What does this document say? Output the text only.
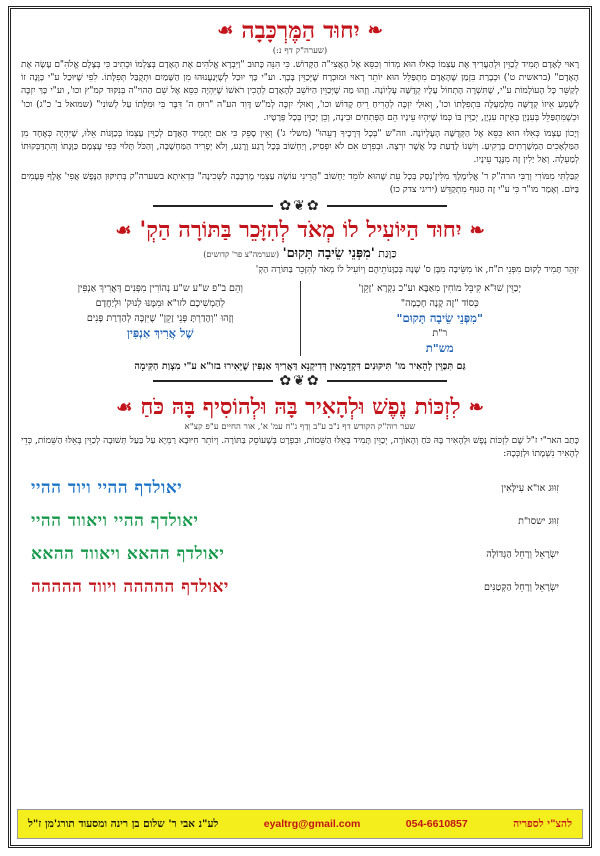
❧
יִחוּד הַמֶּרְכָּבָה
☙
(שערה"ק דף נ:)

רָאוּי לָאָדָם תָּמִיד לְכַוֵּין וּלְהַעֲרִיךְ אֶת עַצְמוֹ כְּאִלּוּ הוּא מְדוֹר וְכִסֵּא אֶל הָאֲצִי"ה הַקָּדוֹשׁ. כִּי הִנֵּה כָּתוּב "וַיִּבְרָא אֱלֹהִים אֶת הָאָדָם בְּצַלְמוֹ וּכְתִיב כִּי בְּצֶלֶם אֱלֹהִ"ם עָשָׂה אֶת הָאָדָם" (בראשית ט') וּכְבָרַת בִּזְמַן שֶׁהָאָדָם מִתְפַּלֵּל הוּא יוֹתֵר רָאוּי וּמוּכְרָח שֶׁיְּכַוֵּין בָּכָךְ. וע"י כָּךְ יוּכַל לְשֶׁיְּנַעֲנוּהוּ מִן הַשָּׁמַיִם וּתְקֻבַּל תְּפִלָּתוֹ. לִפִי שֶׁיּוּכַל ע"י כַּוָּנָה זוֹ לְקַשֵּׁר כָּל הָעוֹלָמוֹת ע"י, שֶׁתִּשְׁרֶה הָתְחוֹל עָלָיו קְדֻשָּׁה עֶלְיוֹנָה. וְזֶהוּ מַה שֶׁיְּכַוֵּין הַיּוֹשֵׁב לְהָאָדָם לְהָכִין רֹאשׁוֹ שֶׁיִּהְיֶה כִּסֵּא אֶל שֵׁם הַהוי"ה בְּנִקּוּד קמ"ץ וכו', וע"י כָּךְ יִזְכֶּה לְשָׁמְעַ אֵיזוֹ קְדֻשָּׁה מִלְּמַעְלָה בִּתְפִלָּתוֹ וכו', וְאוּלַי יִזְכֶּה לְהָרִיחַ רֵיחַ קָדוֹשׁ וכו', וְאוּלַי יִזְכֶּה לְמ"ש דָּוִד הע"ה "רוּחַ ה' דִּבֶּר בִּי וּמִלָּתוֹ עַל לְשׁוֹנִי" (שמואל ב' כ"ג) וכו' וּכְשֶׁמִּתְפַּלֵּל בְּעִנְיָן בְּאֵיזֶה עִנְיָן, יְכַוֵּין בּוֹ כְּמוֹ שֶׁיִּהְיוּ עֵינָיו הֵם הַפְּתִחִים וּבִינָה, וְכֵן יְכַוֵּין בְּכָל פְּרָטָיו.

וְיָכוֹן עַצְמוֹ כְּאִלּוּ הוּא כִּסֵּא אֶל הַקְּדֻשָּׁה הָעֶלְיוֹנָה. וזה"ש "בְּכָל דְּרָכֶיךָ דָעֵהוּ" (משלי ג') וְאֵין סָפֵק כִּי אִם יַתְמִיד הָאָדָם לְכַוֵּין עַצְמוֹ בְּכַוָּנוֹת אֵלּוּ, שֶׁיִּהְיֶה כְּאֶחָד מִן הַמַּלְאָכִים הַמְשָׁרְתִים בָּרָקִיעַ. וְיִשְׁנוֹ לָדַעַת כָּל אֲשֶׁר יִרְצֶה. וּבְפִרְט אִם לֹא יִפְסִיק, וְיַחְשׁוֹב בְּכָל רֶגַע וָרֶגַע, וְלֹא יְפָרִיד הַמַּחְשָׁבָה, וְהַכֹּל תָּלוּי כְּפִי עָצְמָם כַּוָּנָתוֹ וְהִתְדַּבְּקוּתוֹ לְמַעְלָה. וְאַל יַלִין זֶה מִנֶּגֶד עֵינָיו.

קִבַּלְתִּי מִמּוֹרִי וְרַבִּי הרה"ק ר' אֱלִימֶלֶךְ מִלִּיזֶ'נְסְק בְּכָל עֵת שֶׁהוּא לוֹמֵד יַחְשׁוֹב "הֲרֵינִי עוֹשֶׂה עַצְמִי מֶרְכָּבָה לַשְּׁכִינָה" כִּדְאִיתָא בשערה"ק בְּתִיקּוּן הַנֶּפֶשׁ אֲפִי' אֶלֶף פְּעָמִים בַּיּוֹם. וְאָמַר מו"ר כִּי ע"י זֶה הַגּוּף מִתְקַדֵּשׁ (יריגי צדק כו)

✿❦✿
❧
יִחוּד הַיּוֹעִיל לוֹ מְאֹד לְהִזָּכֵר בַּתּוֹרָה הַקְ'
☙
כַּוָּנַת 'מִפְּנֵי שֵׂיבָה תָּקוּם' (שערמה"צ פר' קדושים)

יִזָּהֵר תָּמִיד לָקוּם מִפְּנֵי ת"ח, אוֹ מִשֵּׂיבָה מִבֶּן ס' שָׁנָה בְּכַוָּנוֹתֵיהֶם וְיוֹעִיל לוֹ מְאֹד לְהִזָּכֵר בַּתּוֹרָה הַקְ'

יְכַוֵּין שׁוּ"א קִיבֵּל מוֹחִין מִאַבָּא וע"כ נִקְרָא 'זָקֵן'
כְּסוֹד "זֶה קָנָה חָכְמָה"
"מִפְּנֵי שֵׂיבָה תָּקוּם"
ר"ת
מש"ת
וְהֵם ב"פ ש"ע ש"ע נְהוֹרִין מִפְּנִים דְּאֲרִיךְ אַנְפִּין
לְהַמְשִׁיכָם לזו"א וּמִמֶּנּוּ לְנוּק' וּלְיַחֲדָם
וְזֶהוּ "וְהָדַרְתָּ פְּנֵי זָקֵן" שֶׁיִּזְכֶּה לְהַדְרַת פָּנִים
שֶׁל אֲרִיךְ אַנְפִּין
גַּם תִּכַּוֵּין לְהָאִיר מו' תִּיקּוּנִים דִּקְדָמָאִין דְּדִיקְנָא דַּאֲרִיךְ אַנְפִּין שֶׁיֵּאִירוּ בזו"א ע"י מִצְוַת הַקִּימָה
✿❦✿
❧
לִזְכּוֹת נֶפֶשׁ וּלְהָאִיר בָּהּ וּלְהוֹסִיף בָּהּ כֹּחַ
☙
שער רוה"ק הקודש דף נ"ב ע"ב וְדַף נ"ח עמ' א', אור החיים ע"פ קצ"א

כָּתַב האר"י ז"ל שֶׁם לִזְכּוֹת נֶפֶשׁ וּלְהָאִיר בָּהּ כֹּחַ וְהָאוֹרָה, יְכַוֵּין תָּמִיד בְּאֵלּוּ הַשֵּׁמוֹת, וּבִפְרָט בְּשֶׁעוֹסֵק בַּתּוֹרָה. וְיוֹתֵר חִיּוּבָא רַמְיָא עַל בַּעַל תְּשׁוּבָה לְכַוֵּין בְּאֵלּוּ הַשֵּׁמוֹת, כְּדֵי לְהָאִיר נִשְׁמָתוֹ וּלְזַכְּכָהּ:

זִוּוּג או"א עִילָּאִין
יאולדף ההיי ויוד ההיי
זִוּוּג ישסו"ת
יאולדף ההיי ויאווד ההיי
יִשְׂרָאֵל וְרָחֵל הַגְּדוֹלָה
יאולדף ההאא ויאווד ההאא
יִשְׂרָאֵל וְרָחֵל הַקְּטַנִּים
יאולדף ההההה ויווד ההההה
להצ"י לספריה
054-6610857
eyaltrg@gmail.com
לע"נ אבי ר' שלום בן רינה ומסעוד תורג'מן ז"ל
